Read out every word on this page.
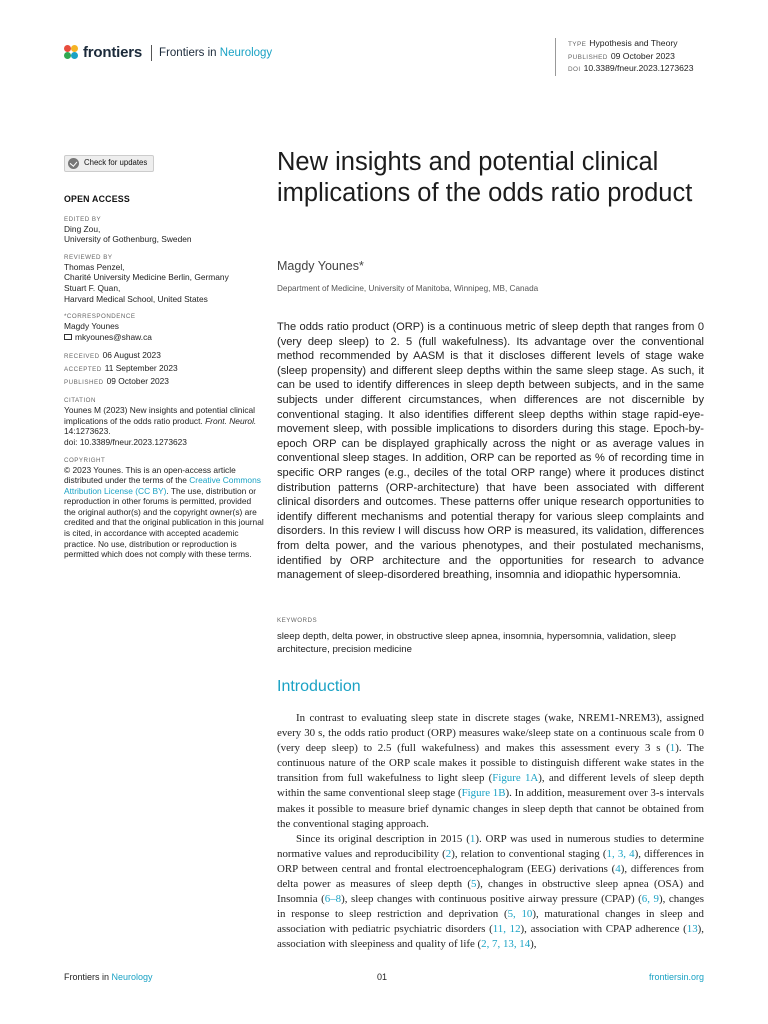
frontiers Frontiers in Neurology
TYPE Hypothesis and Theory
PUBLISHED 09 October 2023
DOI 10.3389/fneur.2023.1273623
Check for updates
OPEN ACCESS
EDITED BY
Ding Zou,
University of Gothenburg, Sweden
REVIEWED BY
Thomas Penzel,
Charité University Medicine Berlin, Germany
Stuart F. Quan,
Harvard Medical School, United States
*CORRESPONDENCE
Magdy Younes
mkyounes@shaw.ca
RECEIVED 06 August 2023
ACCEPTED 11 September 2023
PUBLISHED 09 October 2023
CITATION
Younes M (2023) New insights and potential clinical implications of the odds ratio product. Front. Neurol. 14:1273623.
doi: 10.3389/fneur.2023.1273623
COPYRIGHT
© 2023 Younes. This is an open-access article distributed under the terms of the Creative Commons Attribution License (CC BY). The use, distribution or reproduction in other forums is permitted, provided the original author(s) and the copyright owner(s) are credited and that the original publication in this journal is cited, in accordance with accepted academic practice. No use, distribution or reproduction is permitted which does not comply with these terms.
New insights and potential clinical implications of the odds ratio product
Magdy Younes*
Department of Medicine, University of Manitoba, Winnipeg, MB, Canada
The odds ratio product (ORP) is a continuous metric of sleep depth that ranges from 0 (very deep sleep) to 2. 5 (full wakefulness). Its advantage over the conventional method recommended by AASM is that it discloses different levels of stage wake (sleep propensity) and different sleep depths within the same sleep stage. As such, it can be used to identify differences in sleep depth between subjects, and in the same subjects under different circumstances, when differences are not discernible by conventional staging. It also identifies different sleep depths within stage rapid-eye-movement sleep, with possible implications to disorders during this stage. Epoch-by-epoch ORP can be displayed graphically across the night or as average values in conventional sleep stages. In addition, ORP can be reported as % of recording time in specific ORP ranges (e.g., deciles of the total ORP range) where it produces distinct distribution patterns (ORP-architecture) that have been associated with different clinical disorders and outcomes. These patterns offer unique research opportunities to identify different mechanisms and potential therapy for various sleep complaints and disorders. In this review I will discuss how ORP is measured, its validation, differences from delta power, and the various phenotypes, and their postulated mechanisms, identified by ORP architecture and the opportunities for research to advance management of sleep-disordered breathing, insomnia and idiopathic hypersomnia.
KEYWORDS
sleep depth, delta power, in obstructive sleep apnea, insomnia, hypersomnia, validation, sleep architecture, precision medicine
Introduction

In contrast to evaluating sleep state in discrete stages (wake, NREM1-NREM3), assigned every 30 s, the odds ratio product (ORP) measures wake/sleep state on a continuous scale from 0 (very deep sleep) to 2.5 (full wakefulness) and makes this assessment every 3 s (1). The continuous nature of the ORP scale makes it possible to distinguish different wake states in the transition from full wakefulness to light sleep (Figure 1A), and different levels of sleep depth within the same conventional sleep stage (Figure 1B). In addition, measurement over 3-s intervals makes it possible to measure brief dynamic changes in sleep depth that cannot be obtained from the conventional staging approach.

Since its original description in 2015 (1). ORP was used in numerous studies to determine normative values and reproducibility (2), relation to conventional staging (1, 3, 4), differences in ORP between central and frontal electroencephalogram (EEG) derivations (4), differences from delta power as measures of sleep depth (5), changes in obstructive sleep apnea (OSA) and Insomnia (6–8), sleep changes with continuous positive airway pressure (CPAP) (6, 9), changes in response to sleep restriction and deprivation (5, 10), maturational changes in sleep and association with pediatric psychiatric disorders (11, 12), association with CPAP adherence (13), association with sleepiness and quality of life (2, 7, 13, 14),

Frontiers in Neurology	01	frontiersin.org
